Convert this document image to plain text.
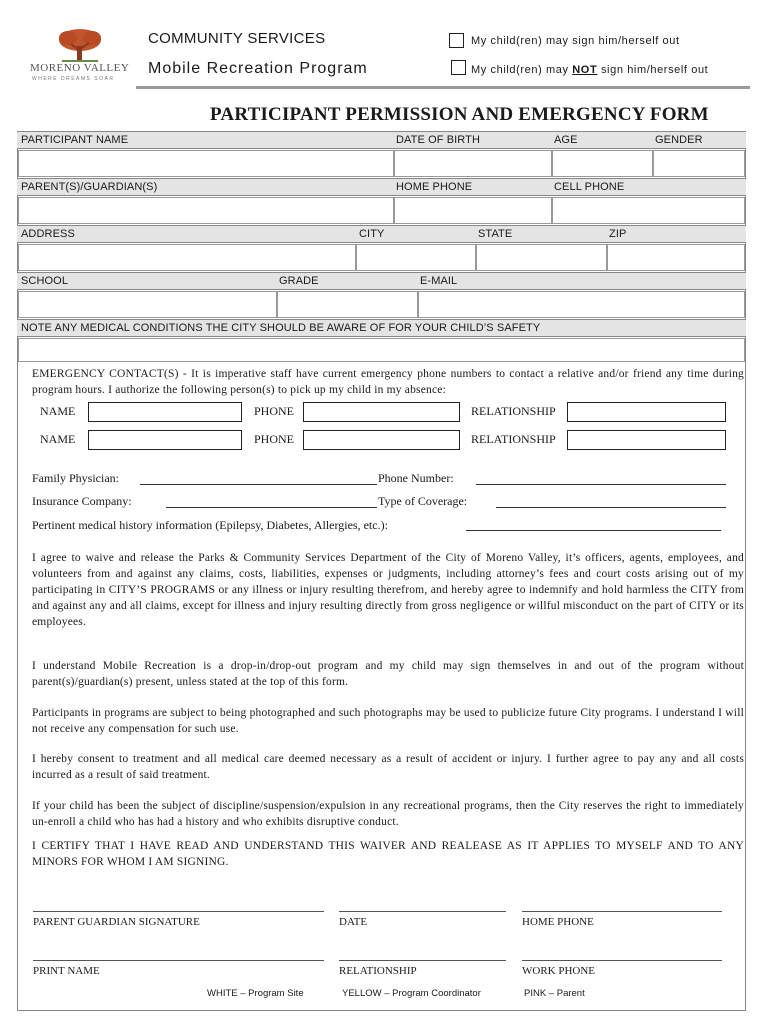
MORENO VALLEY
WHERE DREAMS SOAR
COMMUNITY SERVICES
Mobile Recreation Program
My child(ren) may sign him/herself out
My child(ren) may NOT sign him/herself out
PARTICIPANT PERMISSION AND EMERGENCY FORM
PARTICIPANT NAME	DATE OF BIRTH	AGE	GENDER
PARENT(S)/GUARDIAN(S)	HOME PHONE	CELL PHONE
ADDRESS	CITY	STATE	ZIP
SCHOOL	GRADE	E-MAIL
NOTE ANY MEDICAL CONDITIONS THE CITY SHOULD BE AWARE OF FOR YOUR CHILD’S SAFETY
EMERGENCY CONTACT(S) - It is imperative staff have current emergency phone numbers to contact a relative and/or friend any time during program hours. I authorize the following person(s) to pick up my child in my absence:
NAME	PHONE	RELATIONSHIP
NAME	PHONE	RELATIONSHIP
Family Physician:	Phone Number:
Insurance Company:	Type of Coverage:
Pertinent medical history information (Epilepsy, Diabetes, Allergies, etc.):
I agree to waive and release the Parks & Community Services Department of the City of Moreno Valley, it’s officers, agents, employees, and volunteers from and against any claims, costs, liabilities, expenses or judgments, including attorney’s fees and court costs arising out of my participating in CITY’S PROGRAMS or any illness or injury resulting therefrom, and hereby agree to indemnify and hold harmless the CITY from and against any and all claims, except for illness and injury resulting directly from gross negligence or willful misconduct on the part of CITY or its employees.
I understand Mobile Recreation is a drop-in/drop-out program and my child may sign themselves in and out of the program without parent(s)/guardian(s) present, unless stated at the top of this form.
Participants in programs are subject to being photographed and such photographs may be used to publicize future City programs. I understand I will not receive any compensation for such use.
I hereby consent to treatment and all medical care deemed necessary as a result of accident or injury. I further agree to pay any and all costs incurred as a result of said treatment.
If your child has been the subject of discipline/suspension/expulsion in any recreational programs, then the City reserves the right to immediately un-enroll a child who has had a history and who exhibits disruptive conduct.
I CERTIFY THAT I HAVE READ AND UNDERSTAND THIS WAIVER AND REALEASE AS IT APPLIES TO MYSELF AND TO ANY MINORS FOR WHOM I AM SIGNING.
PARENT GUARDIAN SIGNATURE	DATE	HOME PHONE
PRINT NAME	RELATIONSHIP	WORK PHONE
WHITE – Program Site	YELLOW – Program Coordinator	PINK – Parent
